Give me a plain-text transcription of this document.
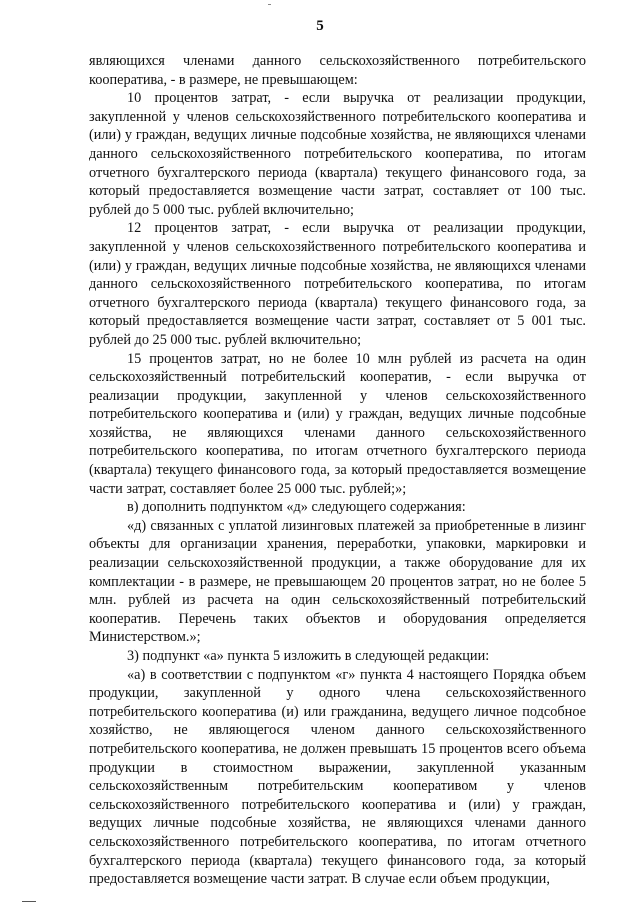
5

являющихся членами данного сельскохозяйственного потребительского кооператива, - в размере, не превышающем:

10 процентов затрат, - если выручка от реализации продукции, закупленной у членов сельскохозяйственного потребительского кооператива и (или) у граждан, ведущих личные подсобные хозяйства, не являющихся членами данного сельскохозяйственного потребительского кооператива, по итогам отчетного бухгалтерского периода (квартала) текущего финансового года, за который предоставляется возмещение части затрат, составляет от 100 тыс. рублей до 5 000 тыс. рублей включительно;

12 процентов затрат, - если выручка от реализации продукции, закупленной у членов сельскохозяйственного потребительского кооператива и (или) у граждан, ведущих личные подсобные хозяйства, не являющихся членами данного сельскохозяйственного потребительского кооператива, по итогам отчетного бухгалтерского периода (квартала) текущего финансового года, за который предоставляется возмещение части затрат, составляет от 5 001 тыс. рублей до 25 000 тыс. рублей включительно;

15 процентов затрат, но не более 10 млн рублей из расчета на один сельскохозяйственный потребительский кооператив, - если выручка от реализации продукции, закупленной у членов сельскохозяйственного потребительского кооператива и (или) у граждан, ведущих личные подсобные хозяйства, не являющихся членами данного сельскохозяйственного потребительского кооператива, по итогам отчетного бухгалтерского периода (квартала) текущего финансового года, за который предоставляется возмещение части затрат, составляет более 25 000 тыс. рублей;»;

в) дополнить подпунктом «д» следующего содержания:

«д) связанных с уплатой лизинговых платежей за приобретенные в лизинг объекты для организации хранения, переработки, упаковки, маркировки и реализации сельскохозяйственной продукции, а также оборудование для их комплектации - в размере, не превышающем 20 процентов затрат, но не более 5 млн. рублей из расчета на один сельскохозяйственный потребительский кооператив. Перечень таких объектов и оборудования определяется Министерством.»;

3) подпункт «а» пункта 5 изложить в следующей редакции:

«а) в соответствии с подпунктом «г» пункта 4 настоящего Порядка объем продукции, закупленной у одного члена сельскохозяйственного потребительского кооператива (и) или гражданина, ведущего личное подсобное хозяйство, не являющегося членом данного сельскохозяйственного потребительского кооператива, не должен превышать 15 процентов всего объема продукции в стоимостном выражении, закупленной указанным сельскохозяйственным потребительским кооперативом у членов сельскохозяйственного потребительского кооператива и (или) у граждан, ведущих личные подсобные хозяйства, не являющихся членами данного сельскохозяйственного потребительского кооператива, по итогам отчетного бухгалтерского периода (квартала) текущего финансового года, за который предоставляется возмещение части затрат. В случае если объем продукции,
